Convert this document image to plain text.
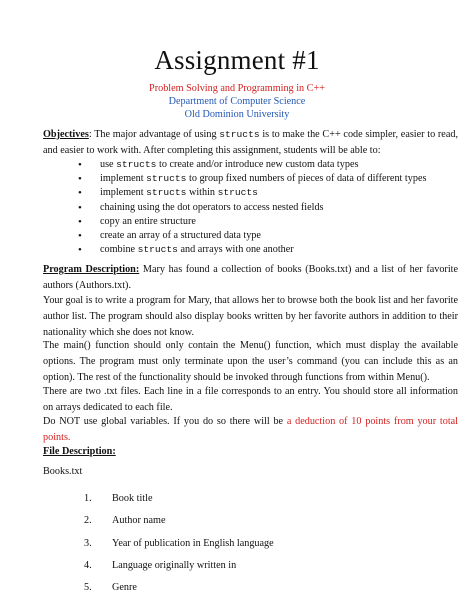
Assignment #1
Problem Solving and Programming in C++
Department of Computer Science
Old Dominion University
Objectives: The major advantage of using structs is to make the C++ code simpler, easier to read, and easier to work with. After completing this assignment, students will be able to:
• use structs to create and/or introduce new custom data types
• implement structs to group fixed numbers of pieces of data of different types
• implement structs within structs
• chaining using the dot operators to access nested fields
• copy an entire structure
• create an array of a structured data type
• combine structs and arrays with one another
Program Description: Mary has found a collection of books (Books.txt) and a list of her favorite authors (Authors.txt).
Your goal is to write a program for Mary, that allows her to browse both the book list and her favorite author list. The program should also display books written by her favorite authors in addition to their nationality which she does not know.
The main() function should only contain the Menu() function, which must display the available options. The program must only terminate upon the user’s command (you can include this as an option). The rest of the functionality should be invoked through functions from within Menu().
There are two .txt files. Each line in a file corresponds to an entry. You should store all information on arrays dedicated to each file.
Do NOT use global variables. If you do so there will be a deduction of 10 points from your total points.
File Description:
Books.txt
1. Book title
2. Author name
3. Year of publication in English language
4. Language originally written in
5. Genre
